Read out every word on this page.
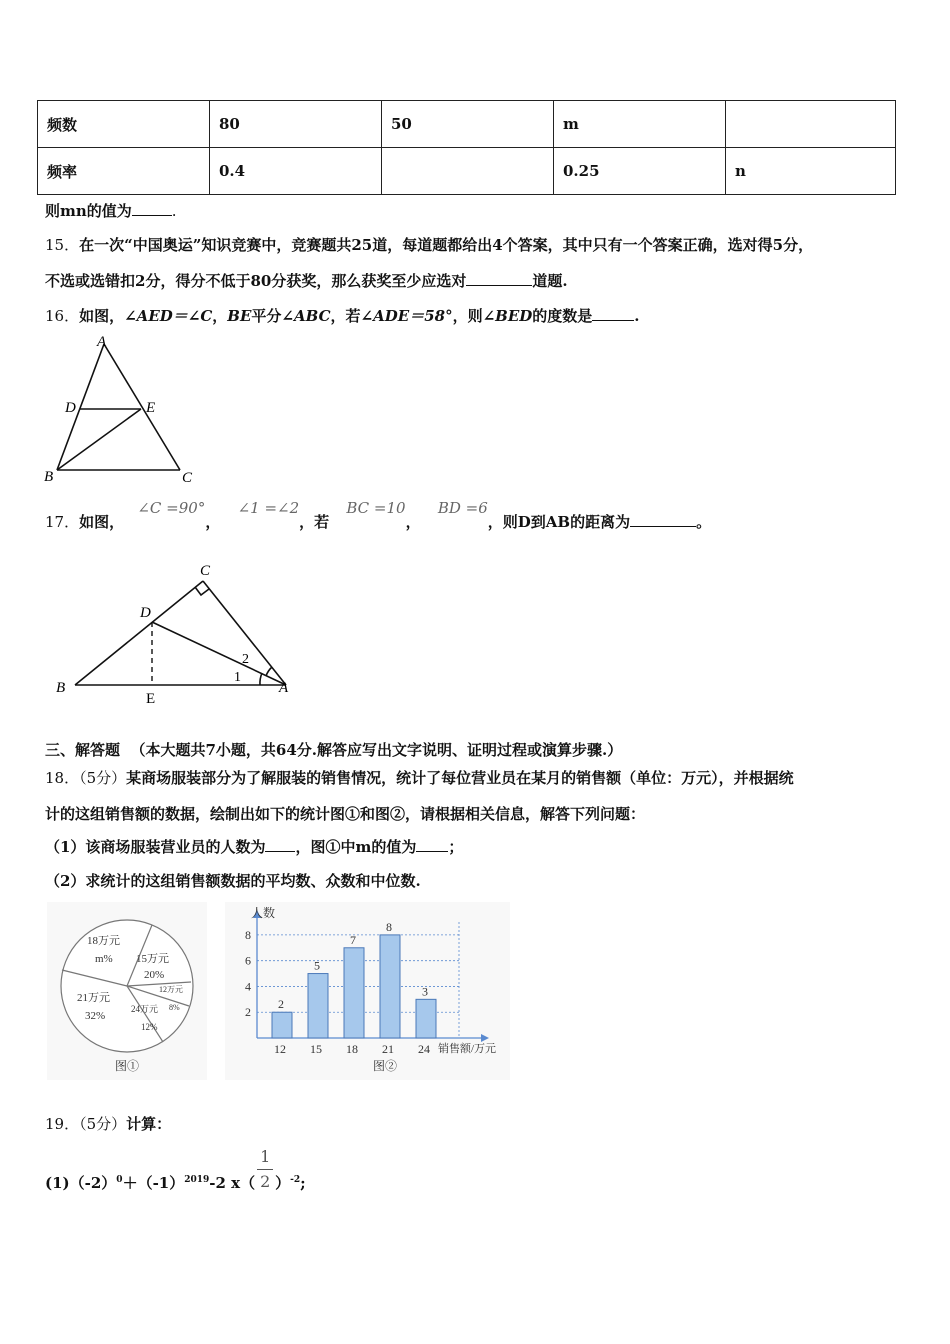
频数	80	50	m	
频率	0.4		0.25	n
则mn的值为	.
15．在一次“中国奥运”知识竞赛中，竞赛题共25道，每道题都给出4个答案，其中只有一个答案正确，选对得5分，
不选或选错扣2分，得分不低于80分获奖，那么获奖至少应选对	道题.
16．如图，∠AED＝∠C，BE平分∠ABC，若∠ADE＝58°，则∠BED的度数是	.
A
D	E
B	C
17．如图， ∠C =90°， ∠1 =∠2，若 BC =10， BD =6，则D到AB的距离为	。
C
D
B	A
E
1
2
三、解答题 （本大题共7小题，共64分.解答应写出文字说明、证明过程或演算步骤.）
18．（5分）某商场服装部分为了解服装的销售情况，统计了每位营业员在某月的销售额（单位：万元），并根据统
计的这组销售额的数据，绘制出如下的统计图①和图②，请根据相关信息，解答下列问题：
（1）该商场服装营业员的人数为 ，图①中m的值为 ；
（2）求统计的这组销售额数据的平均数、众数和中位数.
18万元
m% 15万元
20%
12万元
8%
24万元
12%
21万元
32%
图①
2
4
6
8
2
12
5
15
7
18
8
21
3
24
人数
销售额/万元
图②
19．（5分）计算：
$(1)(-2)^0+(-1)^{2019}-2$ $x( \frac{1}{2} )^{-2}$;
